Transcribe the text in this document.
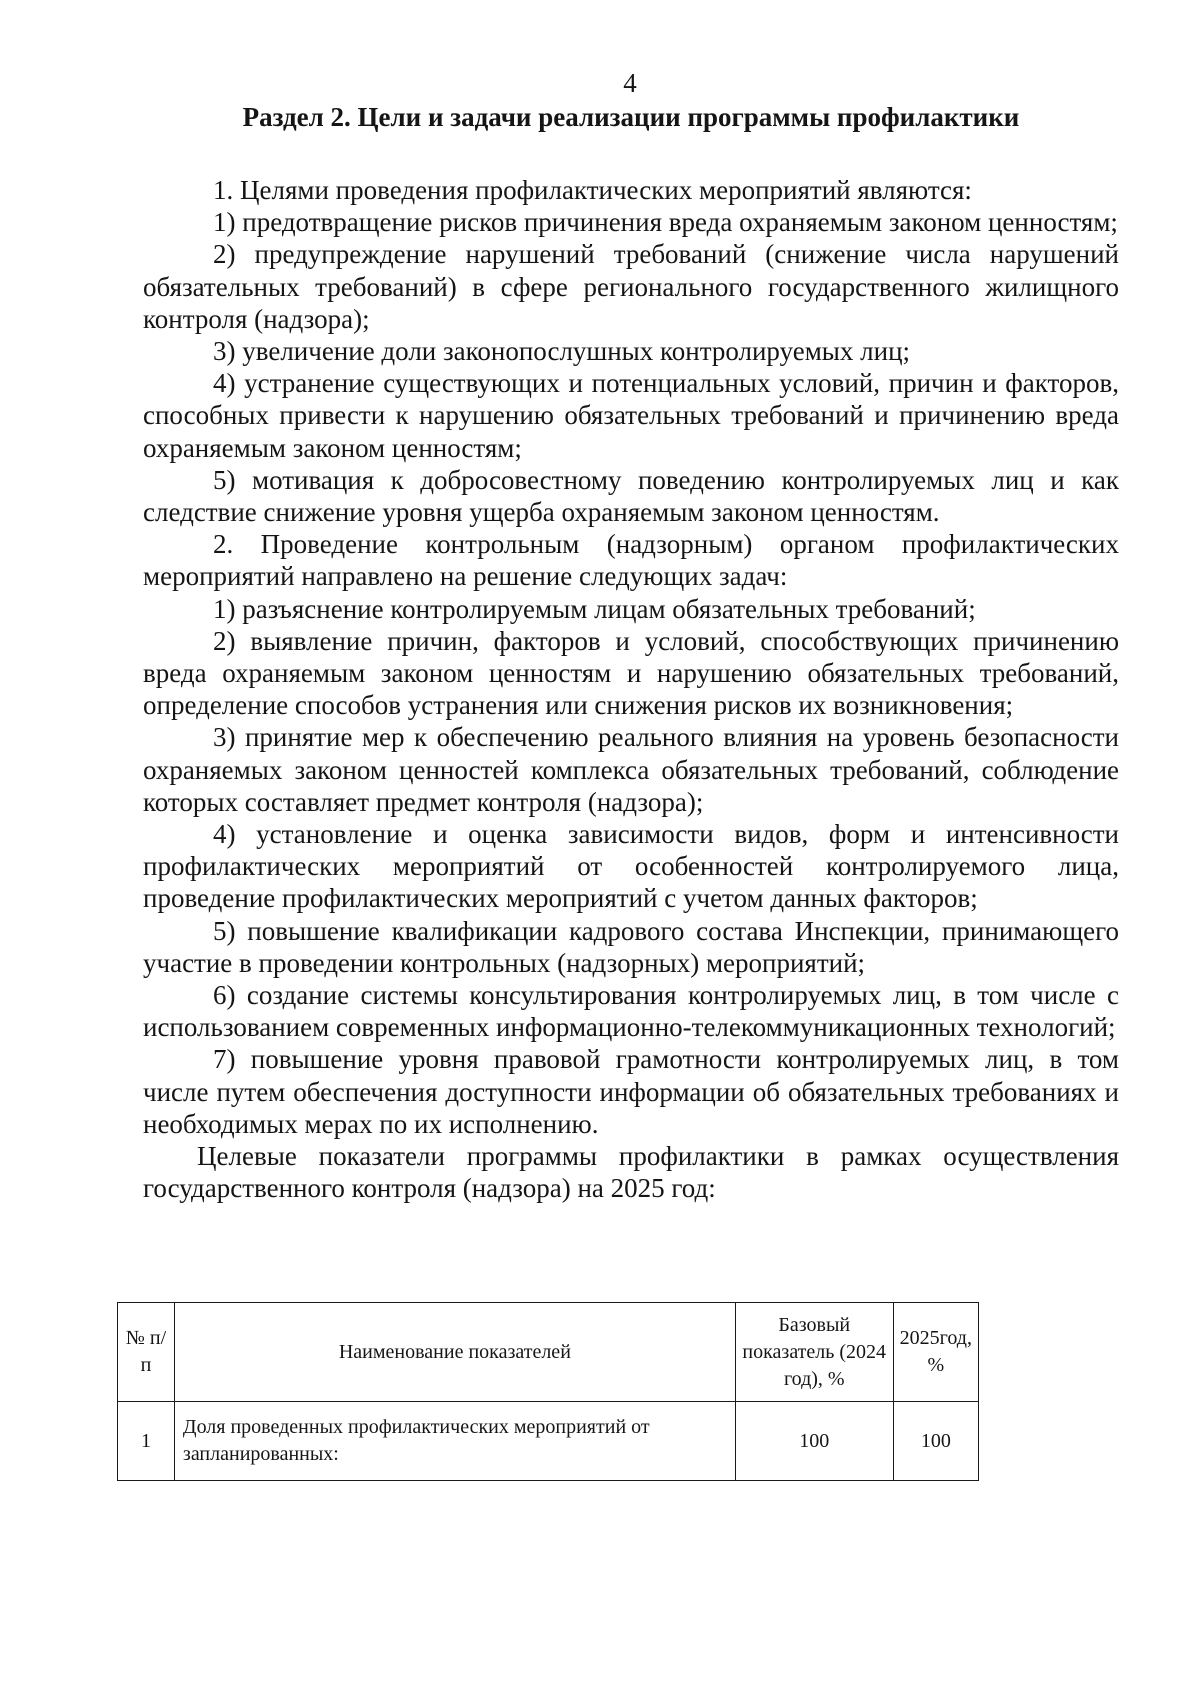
4
Раздел 2. Цели и задачи реализации программы профилактики

1. Целями проведения профилактических мероприятий являются:

1) предотвращение рисков причинения вреда охраняемым законом ценностям;

2) предупреждение нарушений требований (снижение числа нарушений обязательных требований) в сфере регионального государственного жилищного контроля (надзора);

3) увеличение доли законопослушных контролируемых лиц;

4) устранение существующих и потенциальных условий, причин и факторов, способных привести к нарушению обязательных требований и причинению вреда охраняемым законом ценностям;

5) мотивация к добросовестному поведению контролируемых лиц и как следствие снижение уровня ущерба охраняемым законом ценностям.

2. Проведение контрольным (надзорным) органом профилактических мероприятий направлено на решение следующих задач:

1) разъяснение контролируемым лицам обязательных требований;

2) выявление причин, факторов и условий, способствующих причинению вреда охраняемым законом ценностям и нарушению обязательных требований, определение способов устранения или снижения рисков их возникновения;

3) принятие мер к обеспечению реального влияния на уровень безопасности охраняемых законом ценностей комплекса обязательных требований, соблюдение которых составляет предмет контроля (надзора);

4) установление и оценка зависимости видов, форм и интенсивности профилактических мероприятий от особенностей контролируемого лица, проведение профилактических мероприятий с учетом данных факторов;

5) повышение квалификации кадрового состава Инспекции, принимающего участие в проведении контрольных (надзорных) мероприятий;

6) создание системы консультирования контролируемых лиц, в том числе с использованием современных информационно-телекоммуникационных технологий;

7) повышение уровня правовой грамотности контролируемых лиц, в том числе путем обеспечения доступности информации об обязательных требованиях и необходимых мерах по их исполнению.

Целевые показатели программы профилактики в рамках осуществления государственного контроля (надзора) на 2025 год:

№ п/п	Наименование показателей	Базовый показатель (2024 год), %	2025год, %
1	Доля проведенных профилактических мероприятий от запланированных:	100	100
